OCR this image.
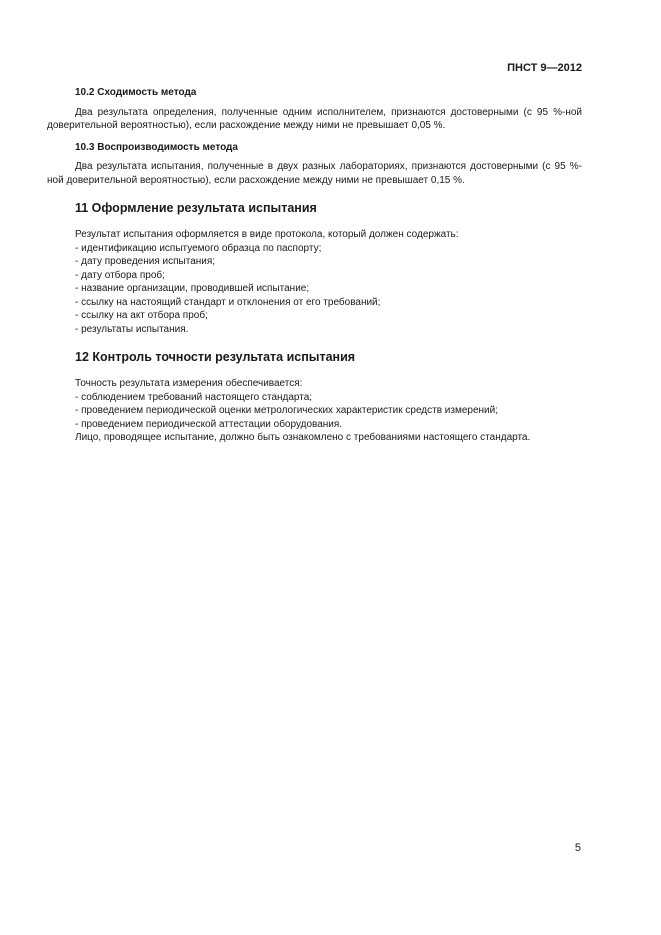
ПНСТ 9—2012
10.2 Сходимость метода

Два результата определения, полученные одним исполнителем, признаются достоверными (с 95 %-ной доверительной вероятностью), если расхождение между ними не превышает 0,05 %.

10.3 Воспроизводимость метода

Два результата испытания, полученные в двух разных лабораториях, признаются достоверными (с 95 %-ной доверительной вероятностью), если расхождение между ними не превышает 0,15 %.

11 Оформление результата испытания
Результат испытания оформляется в виде протокола, который должен содержать:
- идентификацию испытуемого образца по паспорту;
- дату проведения испытания;
- дату отбора проб;
- название организации, проводившей испытание;
- ссылку на настоящий стандарт и отклонения от его требований;
- ссылку на акт отбора проб;
- результаты испытания.
12 Контроль точности результата испытания
Точность результата измерения обеспечивается:
- соблюдением требований настоящего стандарта;
- проведением периодической оценки метрологических характеристик средств измерений;
- проведением периодической аттестации оборудования.
Лицо, проводящее испытание, должно быть ознакомлено с требованиями настоящего стандарта.
5
